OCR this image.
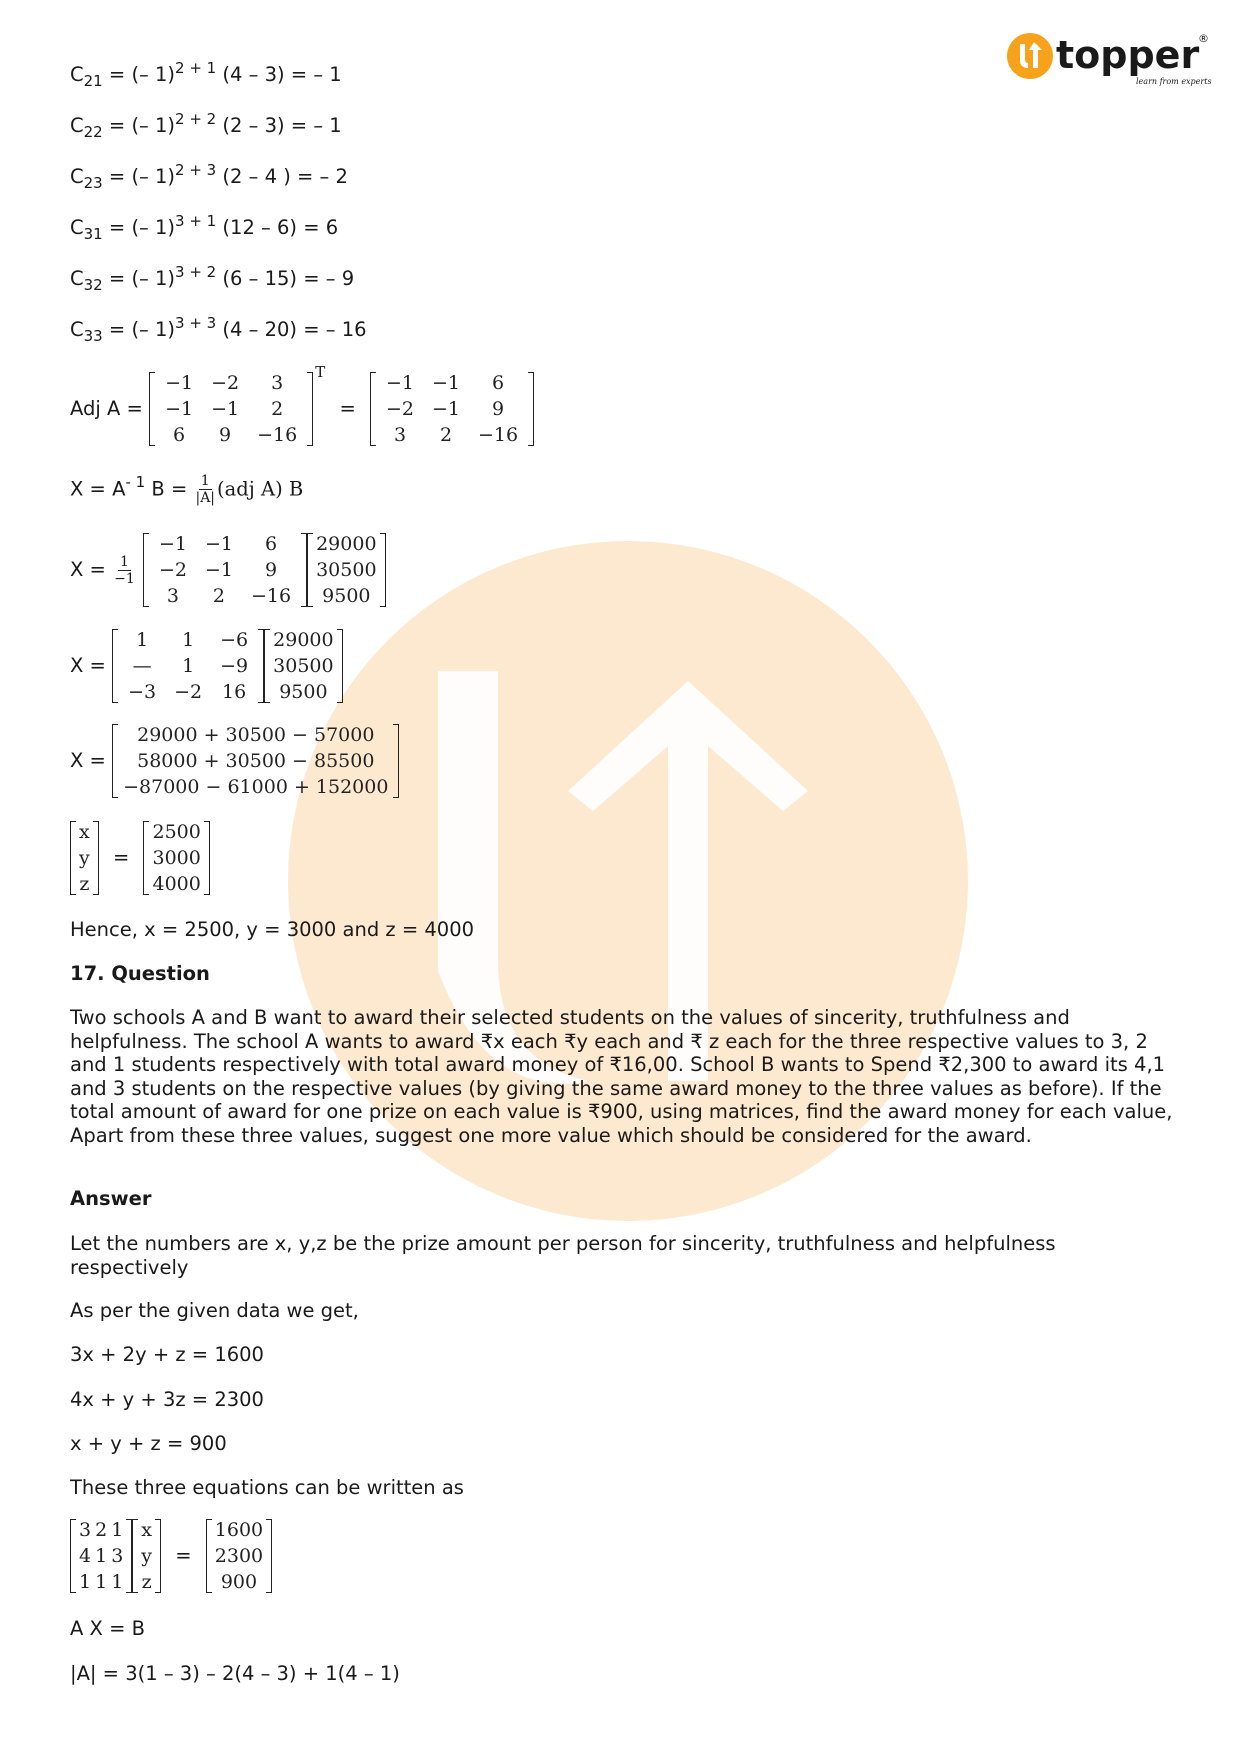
topper
®
learn from experts
$C_{21}$ = (– 1)$^{2 + 1}$ (4 – 3) = – 1
$C_{22}$ = (– 1)$^{2 + 2}$ (2 – 3) = – 1
$C_{23}$ = (– 1)$^{2 + 3}$ (2 – 4 ) = – 2
$C_{31}$ = (– 1)$^{3 + 1}$ (12 – 6) = 6
$C_{32}$ = (– 1)$^{3 + 2}$ (6 – 15) = – 9
$C_{33}$ = (– 1)$^{3 + 3}$ (4 – 20) = – 16
Adj A =
−1	−2	3
−1	−1	2
6	9	−16
$^T$ =
−1	−1	6
−2	−1	9
3	2	−16
$X = A^{- 1}$ $B = \frac{1}{|A|} (adj$ A) B
$X = \frac{1}{-1}$

−1	−1	6
−2	−1	9
3	2	−16
29000
30500
9500
X =
1	1	−6
—	1	−9
−3	−2	16
29000
30500
9500
X =
29000 + 30500 − 57000
58000 + 30500 − 85500
−87000 − 61000 + 152000
x
y
z
=
2500
3000
4000
Hence, x = 2500, y = 3000 and z = 4000
17. Question
Two schools A and B want to award their selected students on the values of sincerity, truthfulness and helpfulness. The school A wants to award ₹x each ₹y each and ₹ z each for the three respective values to 3, 2 and 1 students respectively with total award money of ₹16,00. School B wants to Spend ₹2,300 to award its 4,1 and 3 students on the respective values (by giving the same award money to the three values as before). If the total amount of award for one prize on each value is ₹900, using matrices, find the award money for each value, Apart from these three values, suggest one more value which should be considered for the award.
Answer
Let the numbers are x, y,z be the prize amount per person for sincerity, truthfulness and helpfulness respectively
As per the given data we get,
3x + 2y + z = 1600
4x + y + 3z = 2300
x + y + z = 900
These three equations can be written as
3	2	1
4	1	3
1	1	1
x
y
z
=
1600
2300
900
A X = B
|A| = 3(1 – 3) – 2(4 – 3) + 1(4 – 1)
